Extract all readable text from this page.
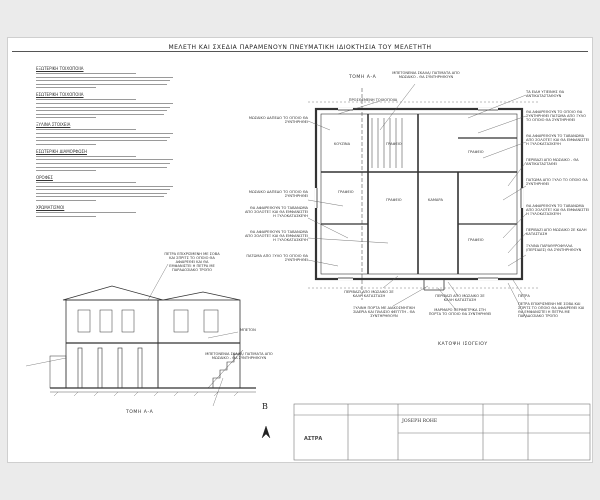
ΜΕΛΕΤΗ ΚΑΙ ΣΧΕΔΙΑ ΠΑΡΑΜΕΝΟΥΝ ΠΝΕΥΜΑΤΙΚΗ ΙΔΙΟΚΤΗΣΙΑ ΤΟΥ ΜΕΛΕΤΗΤΗ
ΕΞΩΤΕΡΙΚΗ ΤΟΙΧΟΠΟΙΙΑ
ΕΣΩΤΕΡΙΚΗ ΤΟΙΧΟΠΟΙΙΑ
ΞΥΛΙΝΑ ΣΤΟΙΧΕΙΑ
ΕΣΩΤΕΡΙΚΗ ΔΙΑΜΟΡΦΩΣΗ
ΟΡΟΦΕΣ
ΧΡΩΜΑΤΙΣΜΟΙ
ΤΟΜΗ Α-Α
ΜΠΕΤΟΝΕΝΙΑ ΣΚΑΛΑ/ ΠΑΤΙΜΑΤΑ ΑΠΟ ΜΩΣΑΙΚΟ - ΘΑ ΣΥΝΤΗΡΗΘΟΥΝ
ΠΡΟΣΘΕΜΕΝΗ ΤΟΙΧΟΠΟΙΙΑ
ΚΟΥΖΙΝΑ
ΓΡΑΦΕΙΟ
ΓΡΑΦΕΙΟ
ΓΡΑΦΕΙΟ	ΚΑΜΑΡΑ
ΓΡΑΦΕΙΟ
ΓΡΑΦΕΙΟ
ΜΩΣΑΙΚΟ ΔΑΠΕΔΟ ΤΟ ΟΠΟΙΟ ΘΑ ΣΥΝΤΗΡΗΘΕΙ
ΜΩΣΑΙΚΟ ΔΑΠΕΔΟ ΤΟ ΟΠΟΙΟ ΘΑ ΣΥΝΤΗΡΗΘΕΙ
ΘΑ ΑΦΑΙΡΕΘΟΥΝ ΤΟ ΤΑΒΑΝΩΜΑ ΑΠΟ ΣΟΛΟΤΕΞ ΚΑΙ ΘΑ ΕΜΦΑΝΙΣΤΕΙ Η ΞΥΛΟΚΑΤΑΣΚΕΥΗ
ΘΑ ΑΦΑΙΡΕΘΟΥΝ ΤΟ ΤΑΒΑΝΩΜΑ ΑΠΟ ΣΟΛΟΤΕΞ ΚΑΙ ΘΑ ΕΜΦΑΝΙΣΤΕΙ Η ΞΥΛΟΚΑΤΑΣΚΕΥΗ
ΠΑΤΩΜΑ ΑΠΟ ΞΥΛΟ ΤΟ ΟΠΟΙΟ ΘΑ ΣΥΝΤΗΡΗΘΕΙ
ΤΑ ΕΙΔΗ ΥΓΙΕΙΝΗΣ ΘΑ ΑΝΤΙΚΑΤΑΣΤΑΘΟΥΝ
ΘΑ ΑΦΑΙΡΕΘΟΥΝ ΤΟ ΟΠΟΙΟ ΘΑ ΣΥΝΤΗΡΗΘΕΙ ΠΑΤΩΜΑ ΑΠΟ ΞΥΛΟ ΤΟ ΟΠΟΙΟ ΘΑ ΣΥΝΤΗΡΗΘΕΙ
ΘΑ ΑΦΑΙΡΕΘΟΥΝ ΤΟ ΤΑΒΑΝΩΜΑ ΑΠΟ ΣΟΛΟΤΕΞ ΚΑΙ ΘΑ ΕΜΦΑΝΙΣΤΕΙ Η ΞΥΛΟΚΑΤΑΣΚΕΥΗ
ΠΕΡΙΒΑΖΙ ΑΠΟ ΜΩΣΑΙΚΟ - ΘΑ ΑΝΤΙΚΑΤΑΣΤΑΘΕΙ
ΠΑΤΩΜΑ ΑΠΟ ΞΥΛΟ ΤΟ ΟΠΟΙΟ ΘΑ ΣΥΝΤΗΡΗΘΕΙ
ΘΑ ΑΦΑΙΡΕΘΟΥΝ ΤΟ ΤΑΒΑΝΩΜΑ ΑΠΟ ΣΟΛΟΤΕΞ ΚΑΙ ΘΑ ΕΜΦΑΝΙΣΤΕΙ Η ΞΥΛΟΚΑΤΑΣΚΕΥΗ
ΠΕΡΙΒΑΖΙ ΑΠΟ ΜΩΣΑΙΚΟ ΣΕ ΚΑΛΗ ΚΑΤΑΣΤΑΣΗ
ΞΥΛΙΝΑ ΠΑΡΑΘΥΡΟΦΥΛΛΑ (ΠΕΡΣΙΔΕΣ) ΘΑ ΣΥΝΤΗΡΗΘΟΥΝ
ΠΕΡΙΒΑΖΙ ΑΠΟ ΜΩΣΑΙΚΟ ΣΕ ΚΑΛΗ ΚΑΤΑΣΤΑΣΗ
ΞΥΛΙΝΗ ΠΟΡΤΑ ΜΕ ΔΙΑΚΟΣΜΗΤΙΚΗ ΣΙΔΕΡΙΑ ΚΑΙ ΠΛΑΙΣΙΟ ΦΕΓΓΙΤΗ - ΘΑ ΣΥΝΤΗΡΗΘΟΥΝ
ΠΕΡΙΒΑΖΙ ΑΠΟ ΜΩΣΑΙΚΟ ΣΕ ΚΑΛΗ ΚΑΤΑΣΤΑΣΗ
ΜΑΡΜΑΡΟ ΠΕΡΙΜΕΤΡΙΚΑ ΣΤΗ ΠΟΡΤΑ ΤΟ ΟΠΟΙΟ ΘΑ ΣΥΝΤΗΡΗΘΕΙ
ΠΕΤΡΑ
ΠΕΤΡΑ ΕΠΙΧΡΙΣΜΕΝΗ ΜΕ ΣΟΒΑ ΚΑΙ ΣΠΡΙΤΣ ΤΟ ΟΠΟΙΟ ΘΑ ΑΦΑΙΡΕΘΕΙ ΚΑΙ ΘΑ ΕΜΦΑΝΙΣΤΕΙ Η ΠΕΤΡΑ ΜΕ ΠΑΡΑΔΟΣΙΑΚΟ ΤΡΟΠΟ
ΚΑΤΟΨΗ ΙΣΟΓΕΙΟΥ
ΜΠΕΤΟΝ
ΠΕΤΡΑ ΕΠΙΧΡΙΣΜΕΝΗ ΜΕ ΣΟΒΑ ΚΑΙ ΣΠΡΙΤΣ ΤΟ ΟΠΟΙΟ ΘΑ ΑΦΑΙΡΕΘΕΙ ΚΑΙ ΘΑ ΕΜΦΑΝΙΣΤΕΙ Η ΠΕΤΡΑ ΜΕ ΠΑΡΑΔΟΣΙΑΚΟ ΤΡΟΠΟ
ΜΠΕΤΟΝΕΝΙΑ ΣΚΑΛΑ/ ΠΑΤΙΜΑΤΑ ΑΠΟ ΜΩΣΑΙΚΟ - ΘΑ ΣΥΝΤΗΡΗΘΟΥΝ
ΤΟΜΗ Α-Α
ΑΣΤΡΑ
JOSEPH ROHE
Β
